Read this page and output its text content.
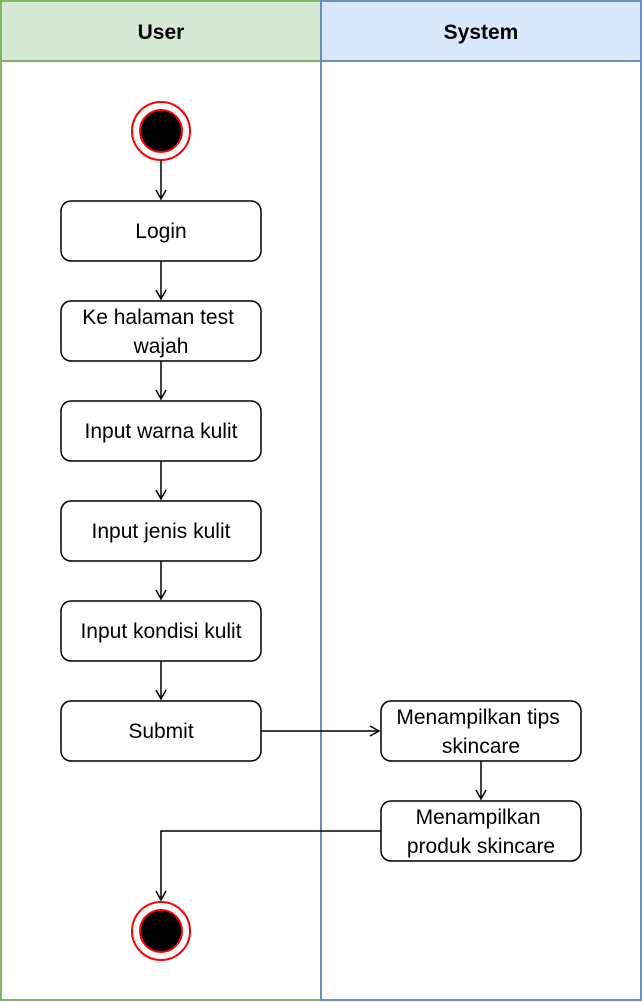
User	System
Login
Ke halaman test wajah
Input warna kulit
Input jenis kulit
Input kondisi kulit
Submit
Menampilkan tips skincare
Menampilkan produk skincare
